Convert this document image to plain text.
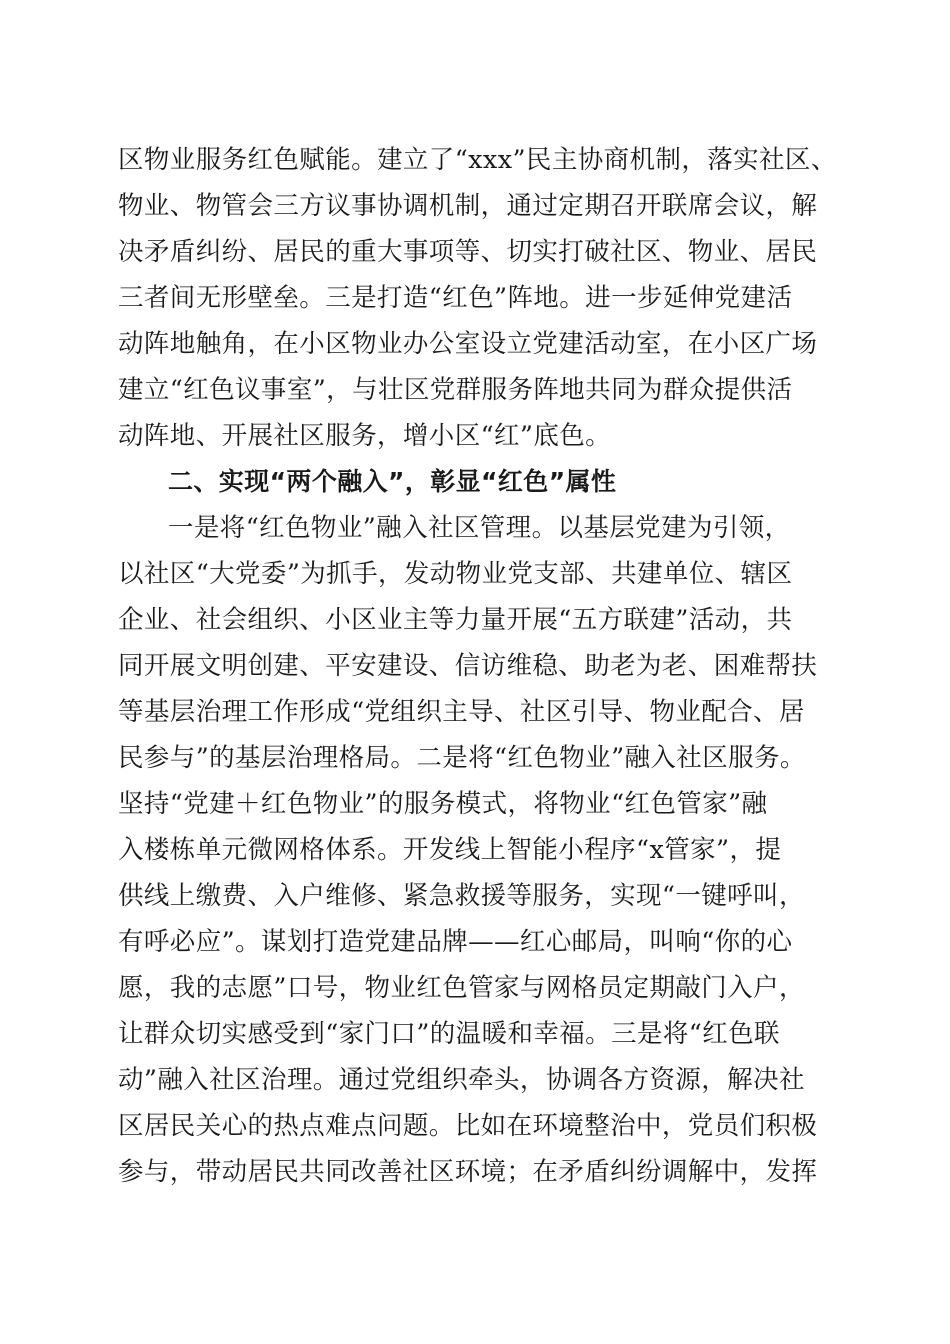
区物业服务红色赋能。建立了“xxx”民主协商机制，落实社区、
物业、物管会三方议事协调机制，通过定期召开联席会议，解
决矛盾纠纷、居民的重大事项等、切实打破社区、物业、居民
三者间无形壁垒。三是打造“红色”阵地。进一步延伸党建活
动阵地触角，在小区物业办公室设立党建活动室，在小区广场
建立“红色议事室”，与壮区党群服务阵地共同为群众提供活
动阵地、开展社区服务，增小区“红”底色。
二、实现“两个融入”，彰显“红色”属性
一是将“红色物业”融入社区管理。以基层党建为引领，
以社区“大党委”为抓手，发动物业党支部、共建单位、辖区
企业、社会组织、小区业主等力量开展“五方联建”活动，共
同开展文明创建、平安建设、信访维稳、助老为老、困难帮扶
等基层治理工作形成“党组织主导、社区引导、物业配合、居
民参与”的基层治理格局。二是将“红色物业”融入社区服务。
坚持“党建＋红色物业”的服务模式，将物业“红色管家”融
入楼栋单元微网格体系。开发线上智能小程序“x管家”，提
供线上缴费、入户维修、紧急救援等服务，实现“一键呼叫，
有呼必应”。谋划打造党建品牌——红心邮局，叫响“你的心
愿，我的志愿”口号，物业红色管家与网格员定期敲门入户，
让群众切实感受到“家门口”的温暖和幸福。三是将“红色联
动”融入社区治理。通过党组织牵头，协调各方资源，解决社
区居民关心的热点难点问题。比如在环境整治中，党员们积极
参与，带动居民共同改善社区环境；在矛盾纠纷调解中，发挥
